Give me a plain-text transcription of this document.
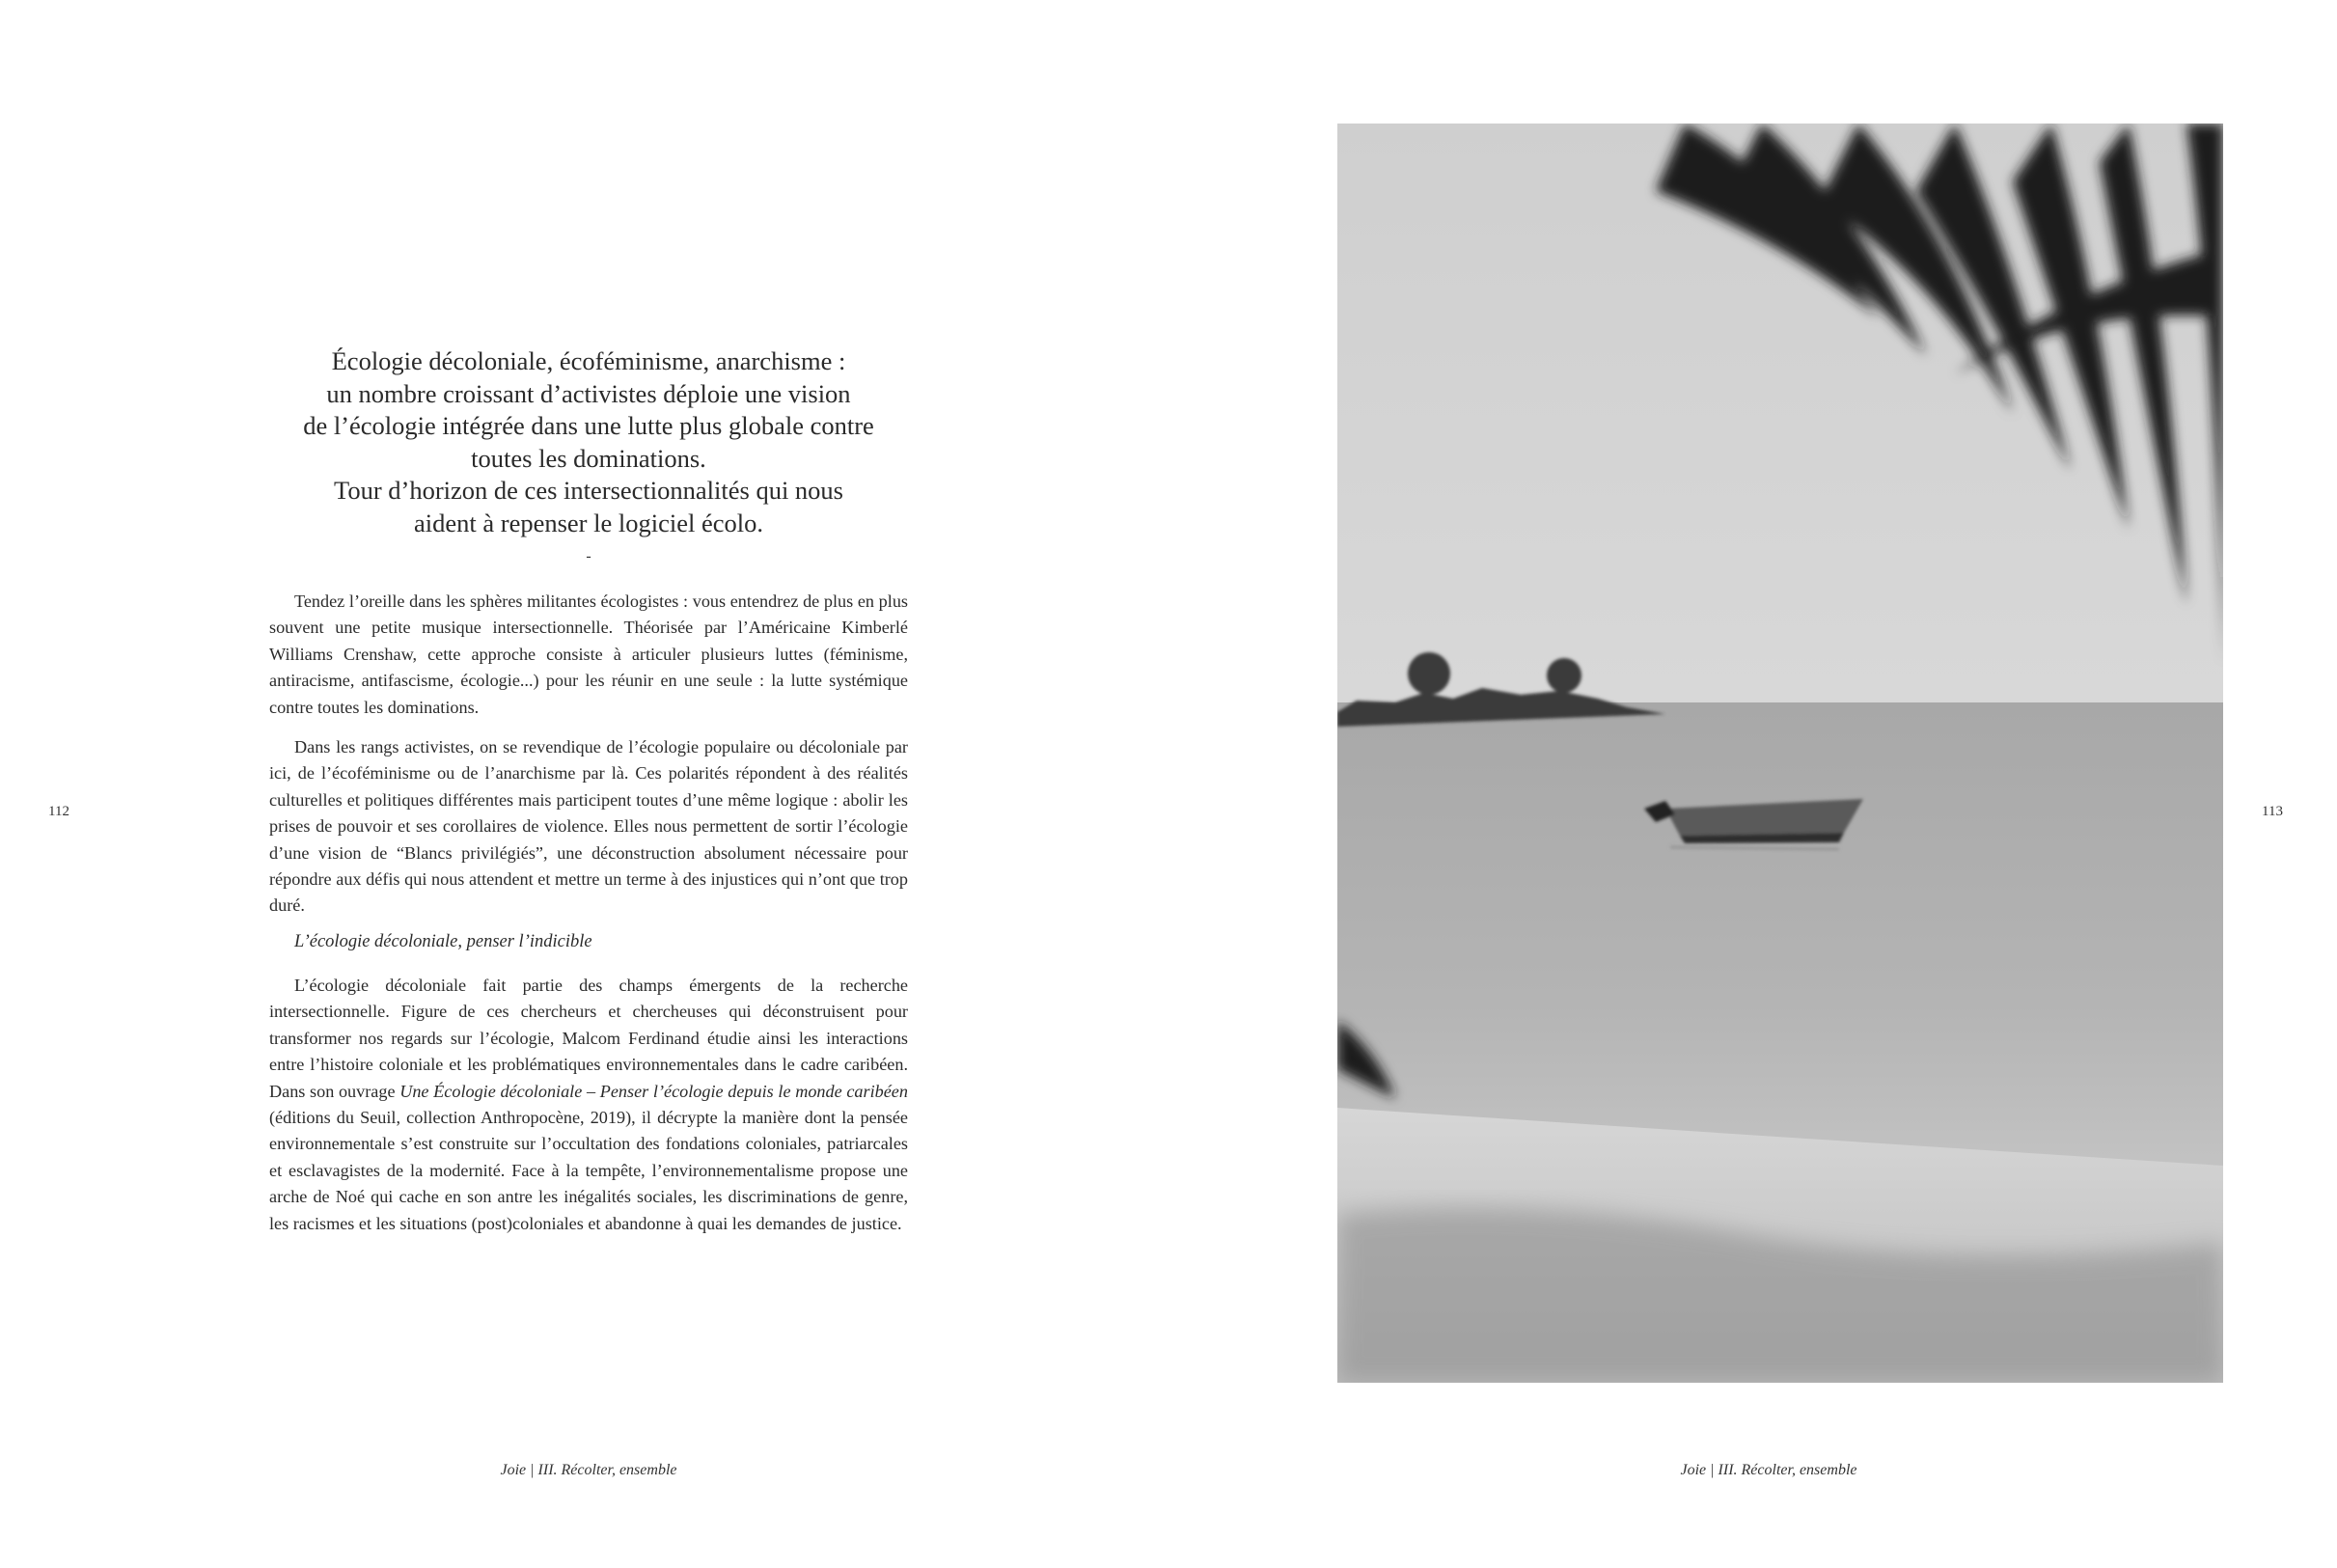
112	113
Écologie décoloniale, écoféminisme, anarchisme :
un nombre croissant d’activistes déploie une vision
de l’écologie intégrée dans une lutte plus globale contre
toutes les dominations.
Tour d’horizon de ces intersectionnalités qui nous
aident à repenser le logiciel écolo.
-

Tendez l’oreille dans les sphères militantes écologistes : vous entendrez de plus en plus souvent une petite musique intersectionnelle. Théorisée par l’Américaine Kimberlé Williams Crenshaw, cette approche consiste à articuler plusieurs luttes (féminisme, antiracisme, antifascisme, écologie...) pour les réunir en une seule : la lutte systémique contre toutes les dominations.

Dans les rangs activistes, on se revendique de l’écologie populaire ou décoloniale par ici, de l’écoféminisme ou de l’anarchisme par là. Ces polarités répondent à des réalités culturelles et politiques différentes mais participent toutes d’une même logique : abolir les prises de pouvoir et ses corollaires de violence. Elles nous permettent de sortir l’écologie d’une vision de “Blancs privilégiés”, une déconstruction absolument nécessaire pour répondre aux défis qui nous attendent et mettre un terme à des injustices qui n’ont que trop duré.

L’écologie décoloniale, penser l’indicible

L’écologie décoloniale fait partie des champs émergents de la recherche intersectionnelle. Figure de ces chercheurs et chercheuses qui déconstruisent pour transformer nos regards sur l’écologie, Malcom Ferdinand étudie ainsi les interactions entre l’histoire coloniale et les problématiques environnementales dans le cadre caribéen. Dans son ouvrage Une Écologie décoloniale – Penser l’écologie depuis le monde caribéen (éditions du Seuil, collection Anthropocène, 2019), il décrypte la manière dont la pensée environnementale s’est construite sur l’occultation des fondations coloniales, patriarcales et esclavagistes de la modernité. Face à la tempête, l’environnementalisme propose une arche de Noé qui cache en son antre les inégalités sociales, les discriminations de genre, les racismes et les situations (post)coloniales et abandonne à quai les demandes de justice.

Joie | III. Récolter, ensemble	Joie | III. Récolter, ensemble
